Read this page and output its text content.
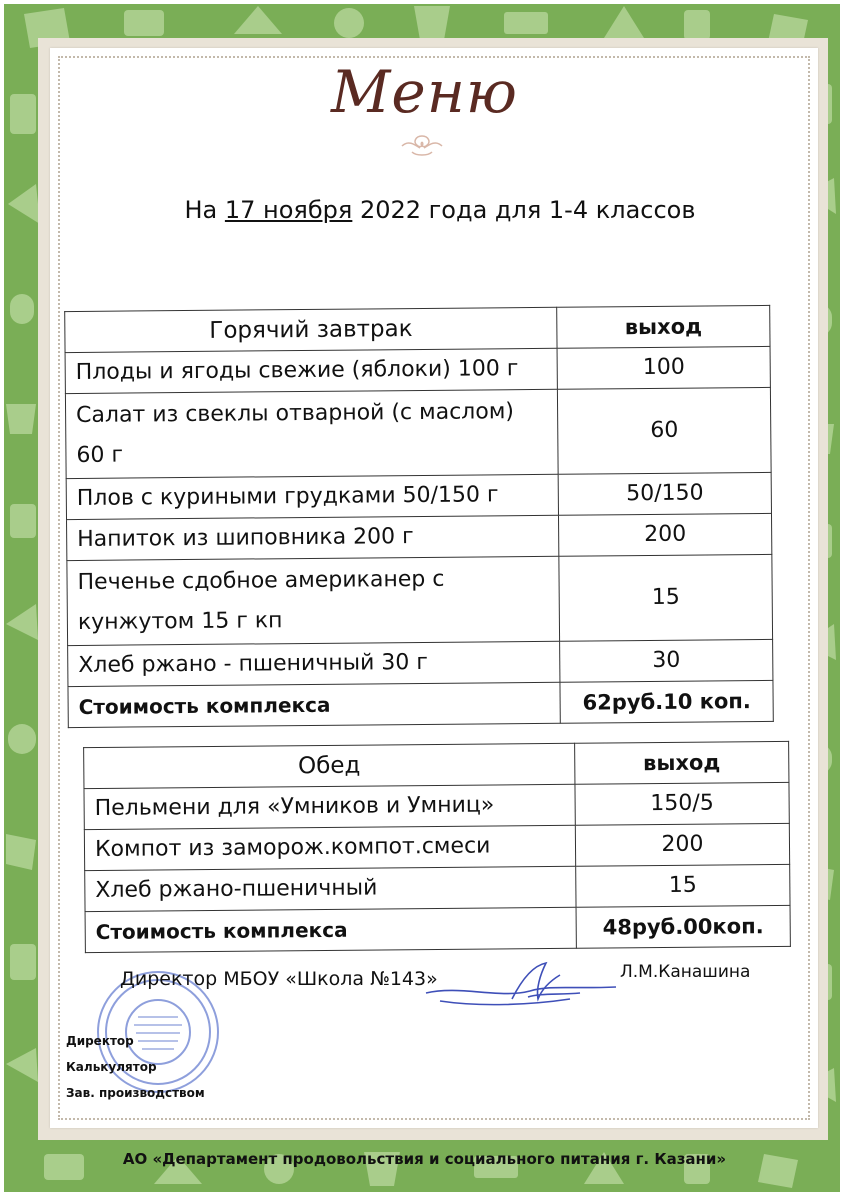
Меню
На 17 ноября 2022 года для 1-4 классов
Горячий завтрак	выход
Плоды и ягоды свежие (яблоки) 100 г	100
Салат из свеклы отварной (с маслом) 60 г	60
Плов с куриными грудками 50/150 г	50/150
Напиток из шиповника 200 г	200
Печенье сдобное американер с кунжутом 15 г кп	15
Хлеб ржано - пшеничный 30 г	30
Стоимость комплекса	62руб.10 коп.
Обед	выход
Пельмени для «Умников и Умниц»	150/5
Компот из заморож.компот.смеси	200
Хлеб ржано-пшеничный	15
Стоимость комплекса	48руб.00коп.
Директор МБОУ «Школа №143»	Л.М.Канашина
Директор
Калькулятор
Зав. производством
АО «Департамент продовольствия и социального питания г. Казани»
